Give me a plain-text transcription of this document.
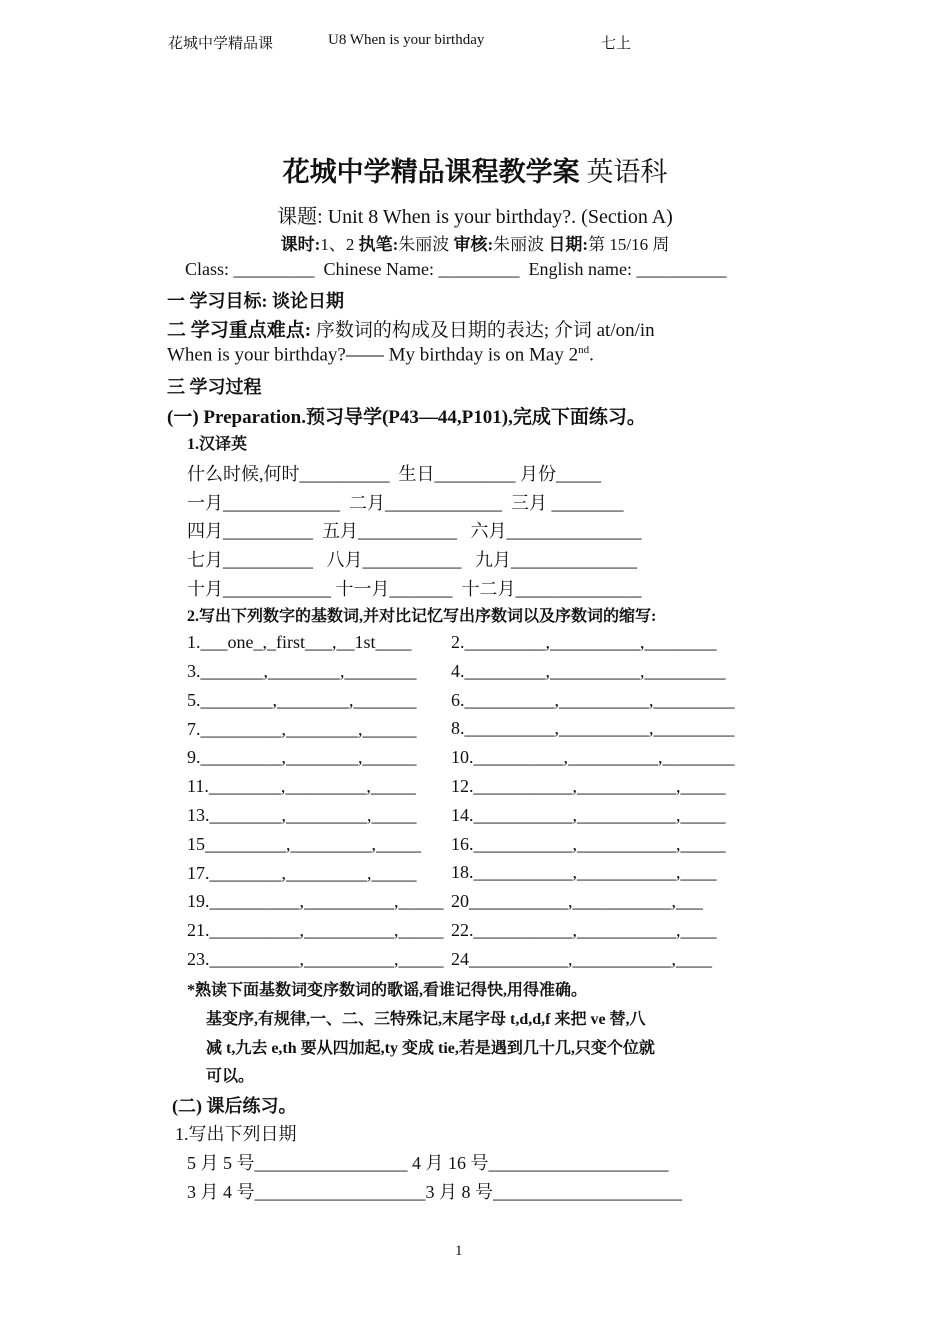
花城中学精品课	U8 When is your birthday	七上
花城中学精品课程教学案 英语科
课题: Unit 8 When is your birthday?. (Section A)
课时:1、2 执笔:朱丽波 审核:朱丽波 日期:第 15/16 周
Class: _________  Chinese Name: _________  English name: __________
一 学习目标: 谈论日期
二 学习重点难点: 序数词的构成及日期的表达; 介词 at/on/in
When is your birthday?—— My birthday is on May 2nd.
三 学习过程
(一) Preparation.预习导学(P43—44,P101),完成下面练习。
1.汉译英
什么时候,何时__________  生日_________ 月份_____
一月_____________  二月_____________  三月 ________
四月__________  五月___________   六月_______________
七月__________   八月___________   九月______________
十月____________ 十一月_______  十二月______________
2.写出下列数字的基数词,并对比记忆写出序数词以及序数词的缩写:
1.___one_,_first___,__1st____
3._______,________,________
5.________,________,_______
7._________,________,______
9._________,________,______
11.________,_________,_____
13.________,_________,_____
15_________,_________,_____
17.________,_________,_____
19.__________,__________,_____
21.__________,__________,_____
23.__________,__________,_____
2._________,__________,________
4._________,__________,_________
6.__________,__________,_________
8.__________,__________,_________
10.__________,__________,________
12.___________,___________,_____
14.___________,___________,_____
16.___________,___________,_____
18.___________,___________,____
20___________,___________,___
22.___________,___________,____
24___________,___________,____
*熟读下面基数词变序数词的歌谣,看谁记得快,用得准确。
基变序,有规律,一、二、三特殊记,末尾字母 t,d,d,f 来把 ve 替,八
减 t,九去 e,th 要从四加起,ty 变成 tie,若是遇到几十几,只变个位就
可以。
(二) 课后练习。
1.写出下列日期
5 月 5 号_________________ 4 月 16 号____________________
3 月 4 号___________________3 月 8 号_____________________
1
